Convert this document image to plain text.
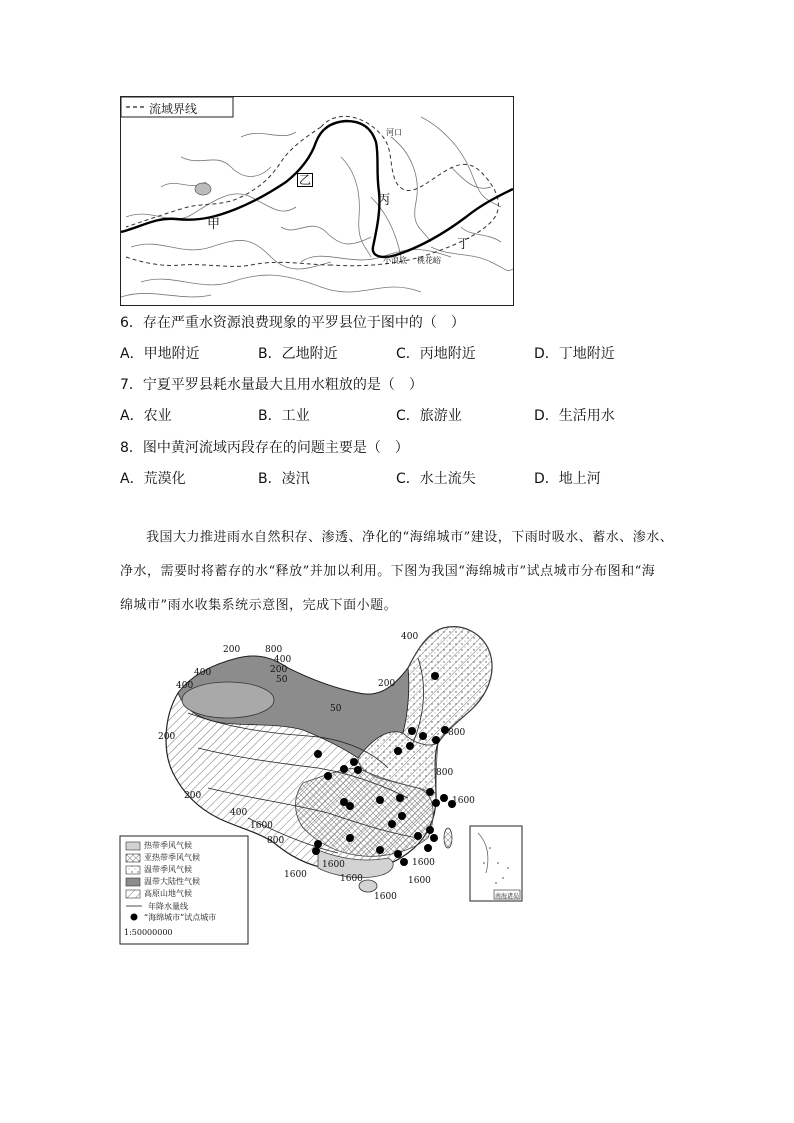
流域界线
甲
乙
丙
丁
河口
小浪底 桃花峪
6．存在严重水资源浪费现象的平罗县位于图中的（　）
A．甲地附近	B．乙地附近	C．丙地附近	D．丁地附近
7．宁夏平罗县耗水量最大且用水粗放的是（　）
A．农业	B．工业	C．旅游业	D．生活用水
8．图中黄河流域丙段存在的问题主要是（　）
A．荒漠化	B．凌汛	C．水土流失	D．地上河
我国大力推进雨水自然积存、渗透、净化的“海绵城市”建设，下雨时吸水、蓄水、渗水、
净水，需要时将蓄存的水“释放”并加以利用。下图为我国“海绵城市”试点城市分布图和“海
绵城市”雨水收集系统示意图，完成下面小题。
200	800
400
200
400
50	200
400
50
800
400
200
200
800
1600
400
1600
800
1600
1600
1600	1600	1600
1600
热带季风气候
亚热带季风气候
温带季风气候
温带大陆性气候
高原山地气候
年降水量线
“海绵城市”试点城市
1:50000000
南海诸岛
